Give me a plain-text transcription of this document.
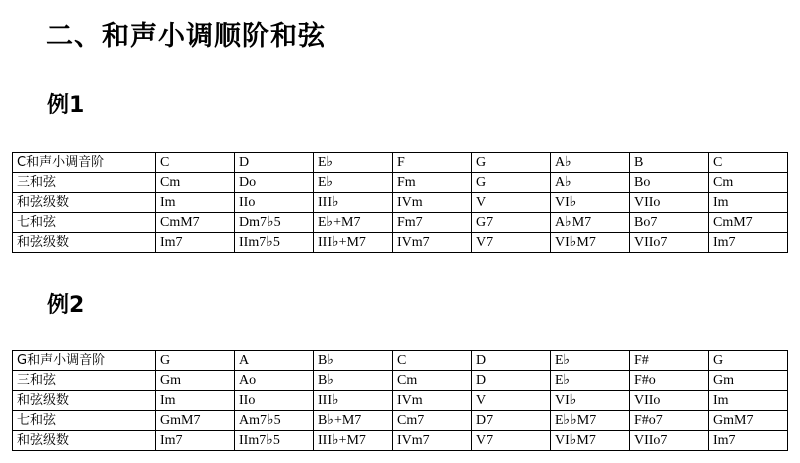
二、和声小调顺阶和弦
例1
C和声小调音阶	C	D	E♭	F	G	A♭	B	C
三和弦	Cm	Do	E♭	Fm	G	A♭	Bo	Cm
和弦级数	Im	IIo	III♭	IVm	V	VI♭	VIIo	Im
七和弦	CmM7	Dm7♭5	E♭+M7	Fm7	G7	A♭M7	Bo7	CmM7
和弦级数	Im7	IIm7♭5	III♭+M7	IVm7	V7	VI♭M7	VIIo7	Im7
例2
G和声小调音阶	G	A	B♭	C	D	E♭	F#	G
三和弦	Gm	Ao	B♭	Cm	D	E♭	F#o	Gm
和弦级数	Im	IIo	III♭	IVm	V	VI♭	VIIo	Im
七和弦	GmM7	Am7♭5	B♭+M7	Cm7	D7	E♭♭M7	F#o7	GmM7
和弦级数	Im7	IIm7♭5	III♭+M7	IVm7	V7	VI♭M7	VIIo7	Im7
